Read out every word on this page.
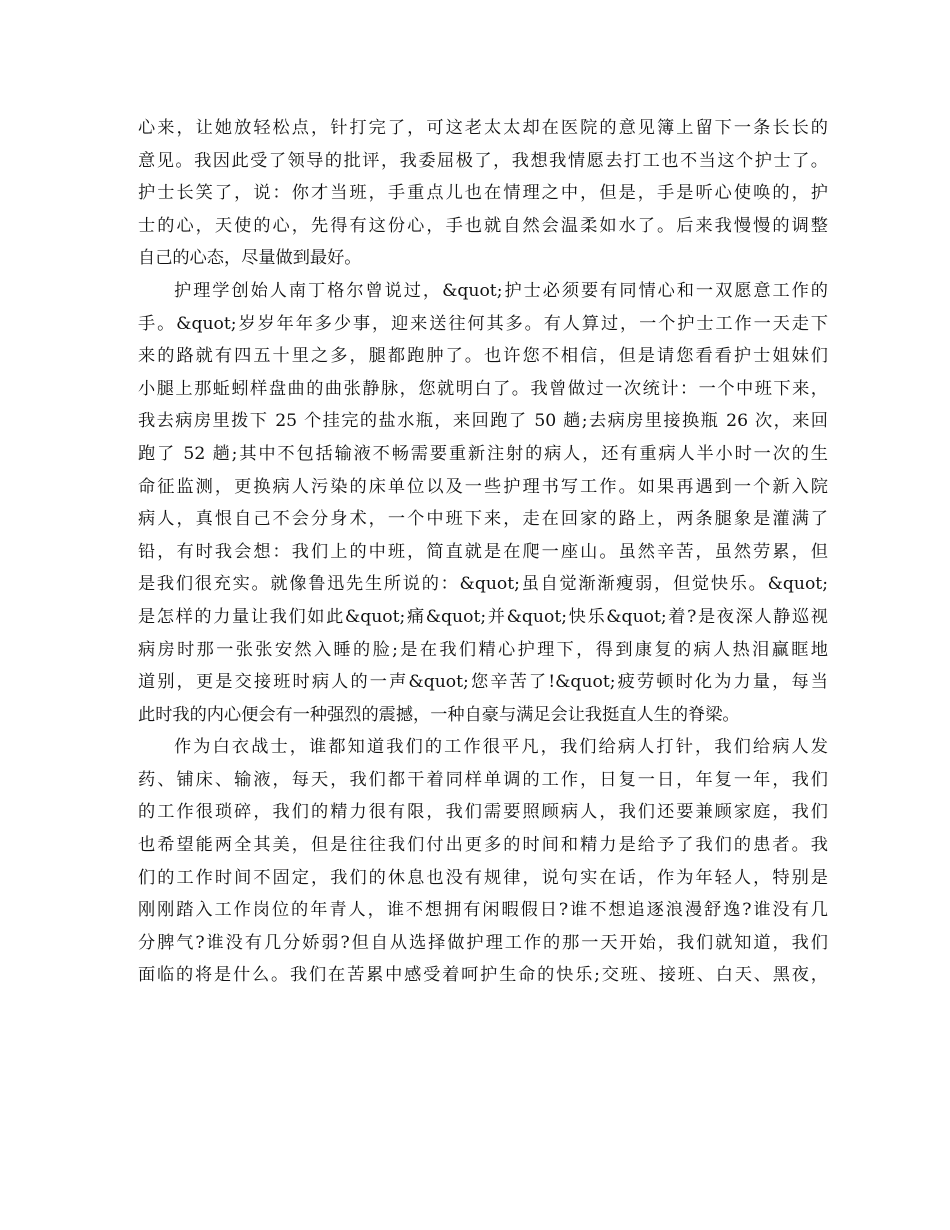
心来，让她放轻松点，针打完了，可这老太太却在医院的意见簿上留下一条长长的
意见。我因此受了领导的批评，我委屈极了，我想我情愿去打工也不当这个护士了。
护士长笑了，说：你才当班，手重点儿也在情理之中，但是，手是听心使唤的，护
士的心，天使的心，先得有这份心，手也就自然会温柔如水了。后来我慢慢的调整
自己的心态，尽量做到最好。
护理学创始人南丁格尔曾说过，&quot;护士必须要有同情心和一双愿意工作的
手。&quot;岁岁年年多少事，迎来送往何其多。有人算过，一个护士工作一天走下
来的路就有四五十里之多，腿都跑肿了。也许您不相信，但是请您看看护士姐妹们
小腿上那蚯蚓样盘曲的曲张静脉，您就明白了。我曾做过一次统计：一个中班下来，
我去病房里拨下 25 个挂完的盐水瓶，来回跑了 50 趟;去病房里接换瓶 26 次，来回
跑了 52 趟;其中不包括输液不畅需要重新注射的病人，还有重病人半小时一次的生
命征监测，更换病人污染的床单位以及一些护理书写工作。如果再遇到一个新入院
病人，真恨自己不会分身术，一个中班下来，走在回家的路上，两条腿象是灌满了
铅，有时我会想：我们上的中班，简直就是在爬一座山。虽然辛苦，虽然劳累，但
是我们很充实。就像鲁迅先生所说的：&quot;虽自觉渐渐瘦弱，但觉快乐。&quot;
是怎样的力量让我们如此&quot;痛&quot;并&quot;快乐&quot;着?是夜深人静巡视
病房时那一张张安然入睡的脸;是在我们精心护理下，得到康复的病人热泪赢眶地
道别，更是交接班时病人的一声&quot;您辛苦了!&quot;疲劳顿时化为力量，每当
此时我的内心便会有一种强烈的震撼，一种自豪与满足会让我挺直人生的脊梁。
作为白衣战士，谁都知道我们的工作很平凡，我们给病人打针，我们给病人发
药、铺床、输液，每天，我们都干着同样单调的工作，日复一日，年复一年，我们
的工作很琐碎，我们的精力很有限，我们需要照顾病人，我们还要兼顾家庭，我们
也希望能两全其美，但是往往我们付出更多的时间和精力是给予了我们的患者。我
们的工作时间不固定，我们的休息也没有规律，说句实在话，作为年轻人，特别是
刚刚踏入工作岗位的年青人，谁不想拥有闲暇假日?谁不想追逐浪漫舒逸?谁没有几
分脾气?谁没有几分娇弱?但自从选择做护理工作的那一天开始，我们就知道，我们
面临的将是什么。我们在苦累中感受着呵护生命的快乐;交班、接班、白天、黑夜，
